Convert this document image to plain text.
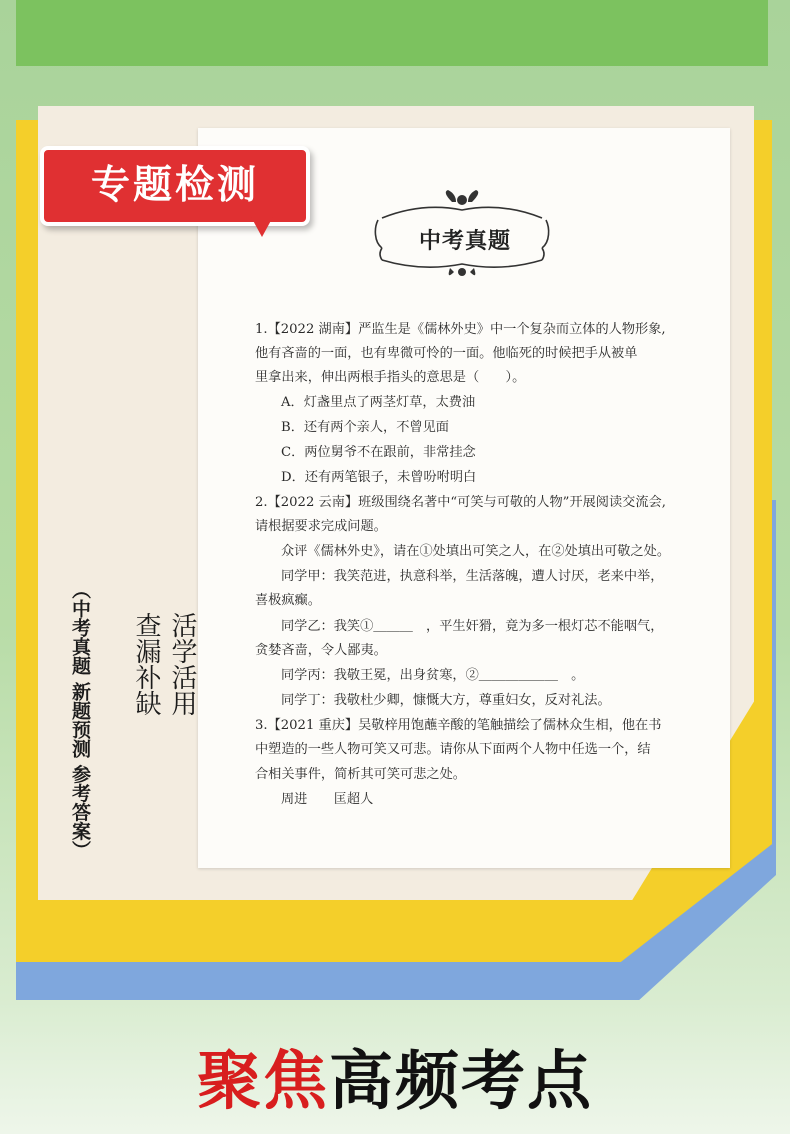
专题检测
活学活用
查漏补缺
（中考真题 新题预测 参考答案）
中考真题
1.【2022 湖南】严监生是《儒林外史》中一个复杂而立体的人物形象,
他有吝啬的一面，也有卑微可怜的一面。他临死的时候把手从被单
里拿出来，伸出两根手指头的意思是（　　）。
A．灯盏里点了两茎灯草，太费油
B．还有两个亲人，不曾见面
C．两位舅爷不在跟前，非常挂念
D．还有两笔银子，未曾吩咐明白
2.【2022 云南】班级围绕名著中“可笑与可敬的人物”开展阅读交流会,
请根据要求完成问题。
众评《儒林外史》，请在①处填出可笑之人，在②处填出可敬之处。
同学甲：我笑范进，执意科举，生活落魄，遭人讨厌，老来中举，
喜极疯癫。
同学乙：我笑①＿＿＿　，平生奸猾，竟为多一根灯芯不能咽气，
贪婪吝啬，令人鄙夷。
同学丙：我敬王冕，出身贫寒，②＿＿＿＿＿＿　。
同学丁：我敬杜少卿，慷慨大方，尊重妇女，反对礼法。
3.【2021 重庆】吴敬梓用饱蘸辛酸的笔触描绘了儒林众生相，他在书
中塑造的一些人物可笑又可悲。请你从下面两个人物中任选一个，结
合相关事件，简析其可笑可悲之处。
周进　　匡超人
聚焦高频考点
